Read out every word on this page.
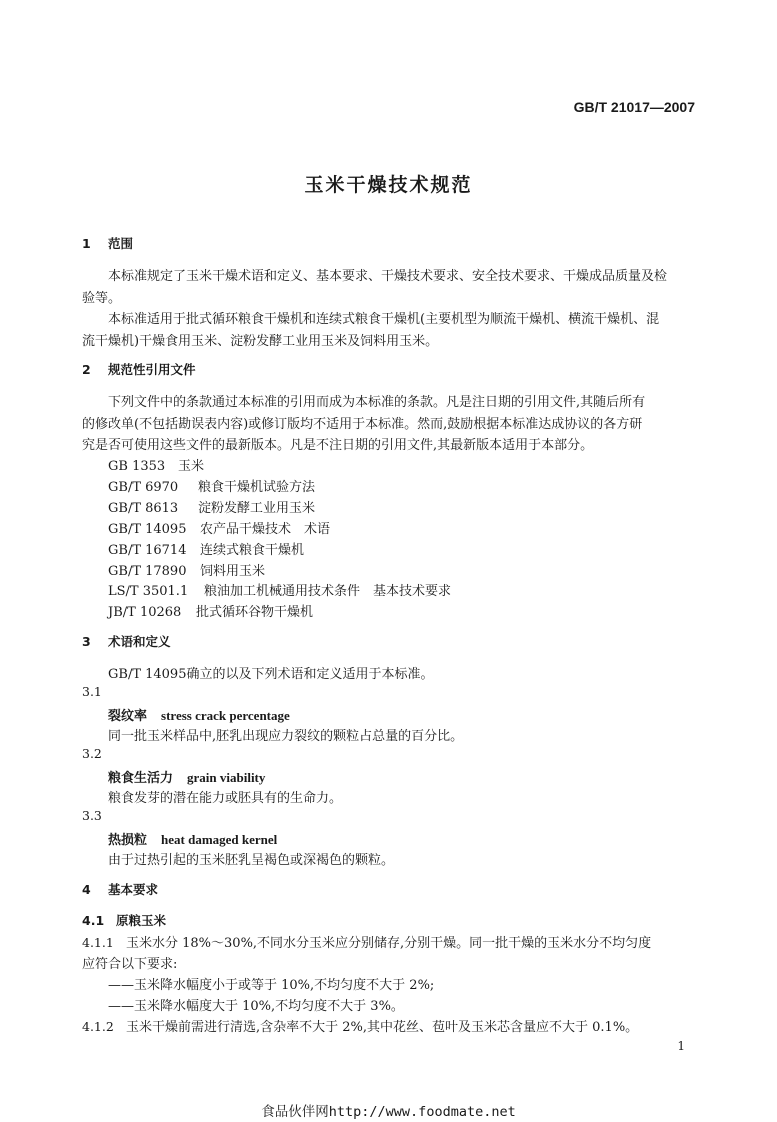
GB/T 21017—2007
玉米干燥技术规范
1 范围
本标准规定了玉米干燥术语和定义、基本要求、干燥技术要求、安全技术要求、干燥成品质量及检
验等。
本标准适用于批式循环粮食干燥机和连续式粮食干燥机(主要机型为顺流干燥机、横流干燥机、混
流干燥机)干燥食用玉米、淀粉发酵工业用玉米及饲料用玉米。
2 规范性引用文件
下列文件中的条款通过本标准的引用而成为本标准的条款。凡是注日期的引用文件,其随后所有
的修改单(不包括勘误表内容)或修订版均不适用于本标准。然而,鼓励根据本标准达成协议的各方研
究是否可使用这些文件的最新版本。凡是不注日期的引用文件,其最新版本适用于本部分。
GB 1353 玉米
GB/T 6970 粮食干燥机试验方法
GB/T 8613 淀粉发酵工业用玉米
GB/T 14095 农产品干燥技术　术语
GB/T 16714 连续式粮食干燥机
GB/T 17890 饲料用玉米
LS/T 3501.1 粮油加工机械通用技术条件　基本技术要求
JB/T 10268 批式循环谷物干燥机
3 术语和定义
GB/T 14095确立的以及下列术语和定义适用于本标准。
3.1
裂纹率 stress crack percentage
同一批玉米样品中,胚乳出现应力裂纹的颗粒占总量的百分比。
3.2
粮食生活力 grain viability
粮食发芽的潜在能力或胚具有的生命力。
3.3
热损粒 heat damaged kernel
由于过热引起的玉米胚乳呈褐色或深褐色的颗粒。
4 基本要求
4.1 原粮玉米
4.1.1 玉米水分 18%～30%,不同水分玉米应分别储存,分别干燥。同一批干燥的玉米水分不均匀度
应符合以下要求:
——玉米降水幅度小于或等于 10%,不均匀度不大于 2%;
——玉米降水幅度大于 10%,不均匀度不大于 3%。
4.1.2 玉米干燥前需进行清选,含杂率不大于 2%,其中花丝、苞叶及玉米芯含量应不大于 0.1%。
1
食品伙伴网http://www.foodmate.net
